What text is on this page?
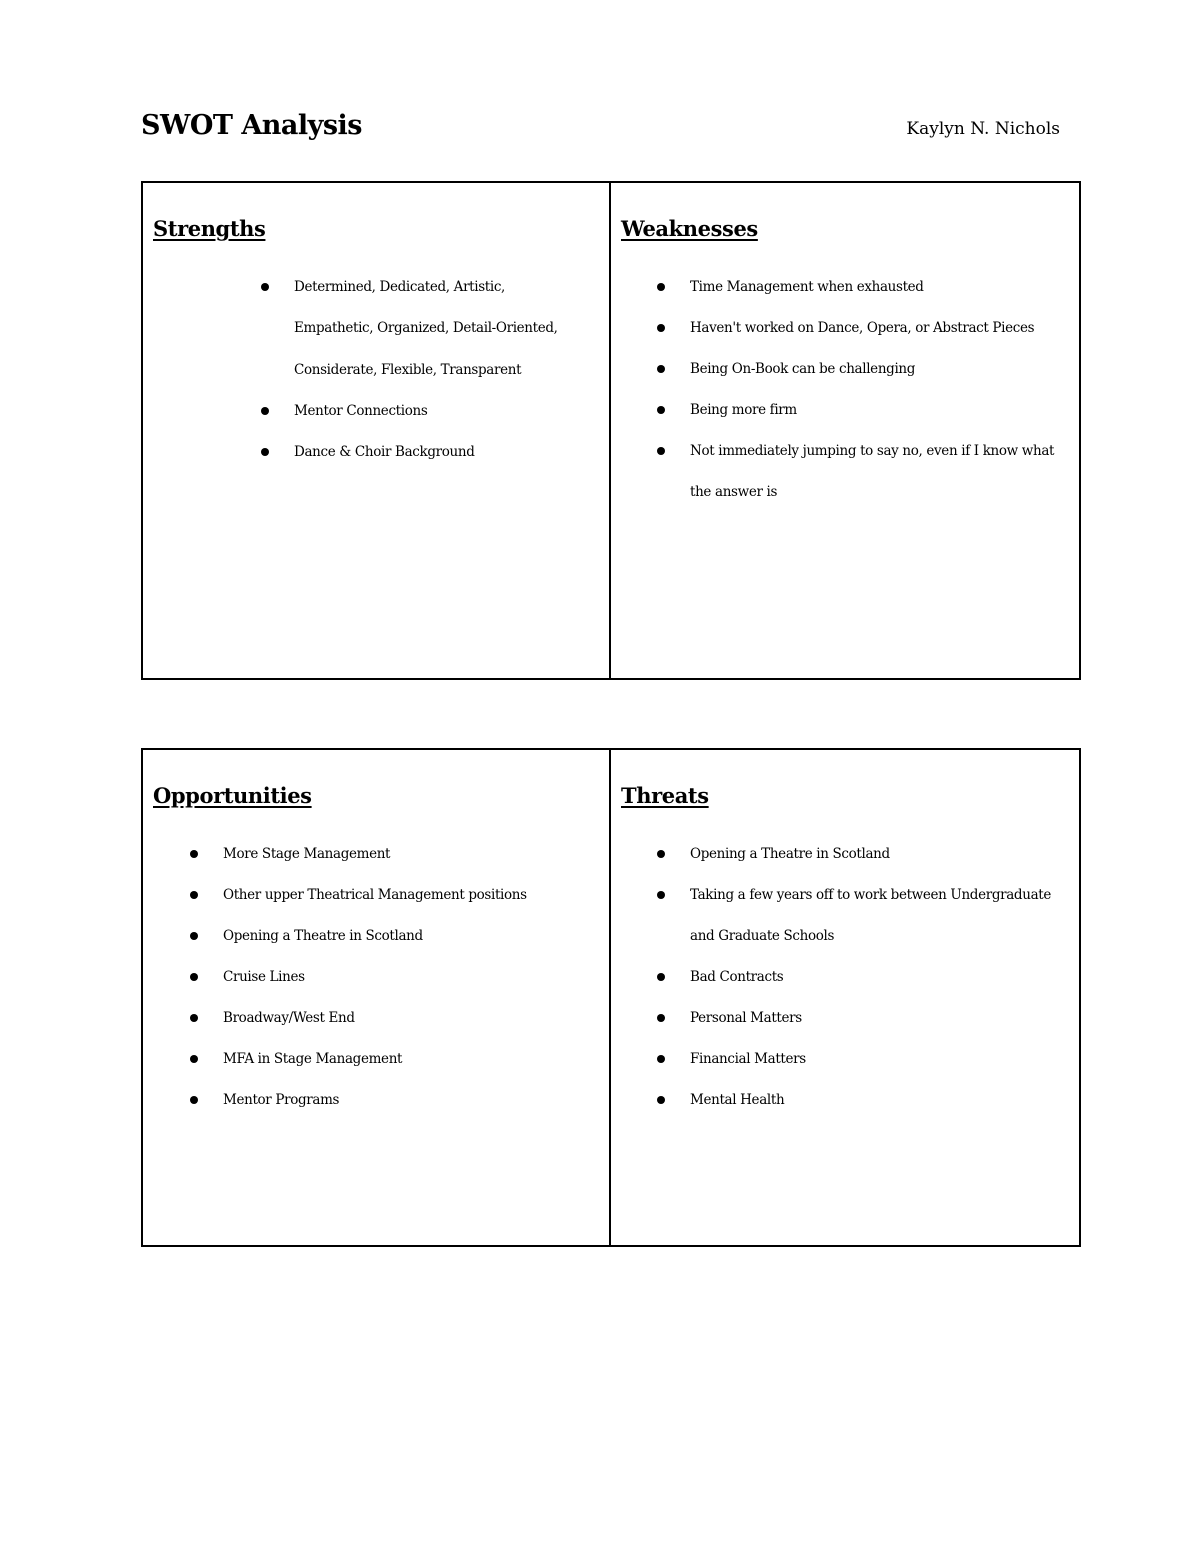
SWOT Analysis	Kaylyn N. Nichols
Strengths
Determined, Dedicated, Artistic, Empathetic, Organized, Detail-Oriented, Considerate, Flexible, Transparent
Mentor Connections
Dance & Choir Background
Weaknesses
Time Management when exhausted
Haven't worked on Dance, Opera, or Abstract Pieces
Being On-Book can be challenging
Being more firm
Not immediately jumping to say no, even if I know what the answer is
Opportunities
More Stage Management
Other upper Theatrical Management positions
Opening a Theatre in Scotland
Cruise Lines
Broadway/West End
MFA in Stage Management
Mentor Programs
Threats
Opening a Theatre in Scotland
Taking a few years off to work between Undergraduate and Graduate Schools
Bad Contracts
Personal Matters
Financial Matters
Mental Health
